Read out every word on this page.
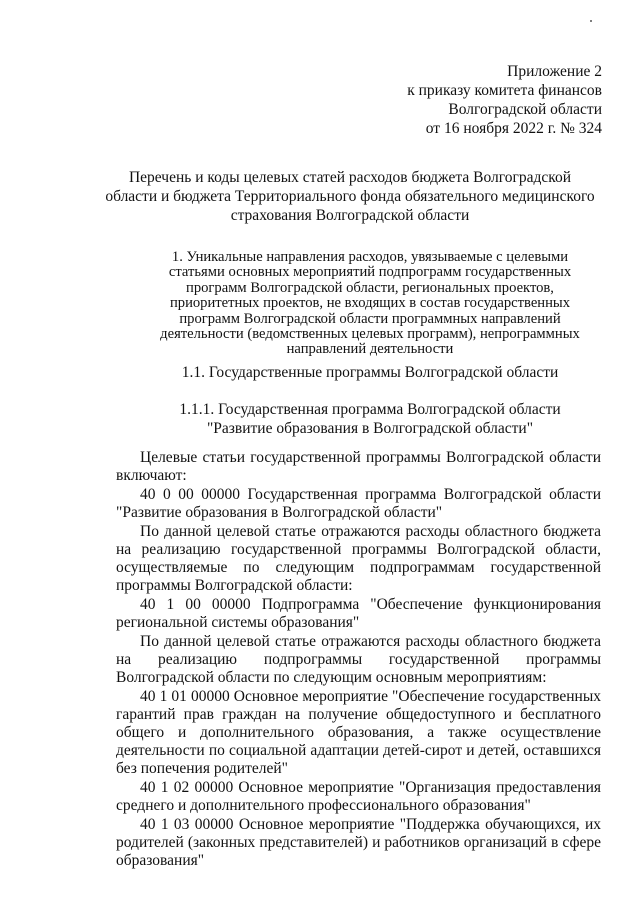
Приложение 2
к приказу комитета финансов
Волгоградской области
от 16 ноября 2022 г. № 324
Перечень и коды целевых статей расходов бюджета Волгоградской
области и бюджета Территориального фонда обязательного медицинского
страхования Волгоградской области
1. Уникальные направления расходов, увязываемые с целевыми
статьями основных мероприятий подпрограмм государственных
программ Волгоградской области, региональных проектов,
приоритетных проектов, не входящих в состав государственных
программ Волгоградской области программных направлений
деятельности (ведомственных целевых программ), непрограммных
направлений деятельности
1.1. Государственные программы Волгоградской области
1.1.1. Государственная программа Волгоградской области
"Развитие образования в Волгоградской области"

Целевые статьи государственной программы Волгоградской области включают:

40 0 00 00000 Государственная программа Волгоградской области "Развитие образования в Волгоградской области"

По данной целевой статье отражаются расходы областного бюджета на реализацию государственной программы Волгоградской области, осуществляемые по следующим подпрограммам государственной программы Волгоградской области:

40 1 00 00000 Подпрограмма "Обеспечение функционирования региональной системы образования"

По данной целевой статье отражаются расходы областного бюджета на реализацию подпрограммы государственной программы Волгоградской области по следующим основным мероприятиям:

40 1 01 00000 Основное мероприятие "Обеспечение государственных гарантий прав граждан на получение общедоступного и бесплатного общего и дополнительного образования, а также осуществление деятельности по социальной адаптации детей-сирот и детей, оставшихся без попечения родителей"

40 1 02 00000 Основное мероприятие "Организация предоставления среднего и дополнительного профессионального образования"

40 1 03 00000 Основное мероприятие "Поддержка обучающихся, их родителей (законных представителей) и работников организаций в сфере образования"
